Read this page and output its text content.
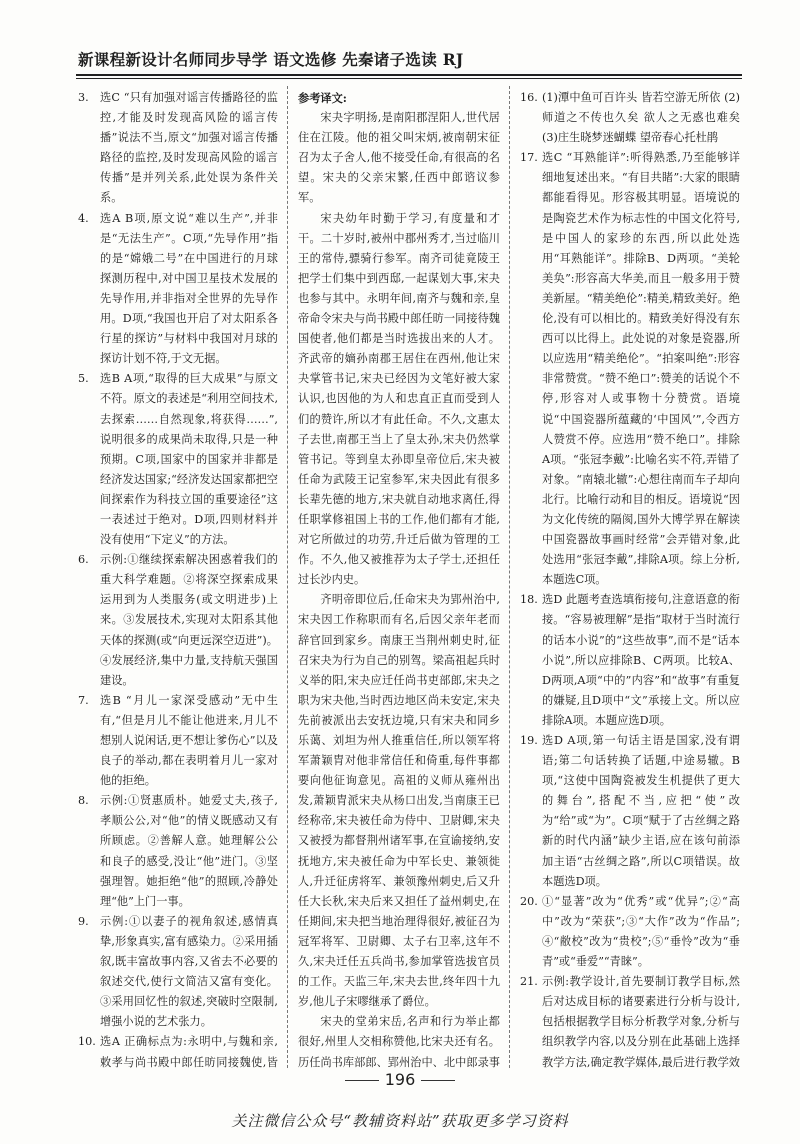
新课程新设计名师同步导学 语文选修 先秦诸子选读 RJ
3.	选C “只有加强对谣言传播路径的监控,才能及时发现高风险的谣言传播”说法不当,原文“加强对谣言传播路径的监控,及时发现高风险的谣言传播”是并列关系,此处误为条件关系。
4.	选A B项,原文说“难以生产”,并非是“无法生产”。C项,“先导作用”指的是“嫦娥二号”在中国进行的月球探测历程中,对中国卫星技术发展的先导作用,并非指对全世界的先导作用。D项,“我国也开启了对太阳系各行星的探访”与材料中我国对月球的探访计划不符,于文无据。
5.	选B A项,“取得的巨大成果”与原文不符。原文的表述是“利用空间技术,去探索……自然现象,将获得……”,说明很多的成果尚未取得,只是一种预期。C项,国家中的国家并非都是经济发达国家;“经济发达国家都把空间探索作为科技立国的重要途径”这一表述过于绝对。D项,四则材料并没有使用“下定义”的方法。
6.	示例:①继续探索解决困惑着我们的重大科学难题。②将深空探索成果运用到为人类服务(或文明进步)上来。③发展技术,实现对太阳系其他天体的探测(或“向更远深空迈进”)。④发展经济,集中力量,支持航天强国建设。
7.	选B “月儿一家深受感动”无中生有,“但是月儿不能让他进来,月儿不想别人说闲话,更不想让爹伤心”以及良子的举动,都在表明着月儿一家对他的拒绝。
8.	示例:①贤惠质朴。她爱丈夫,孩子,孝顺公公,对“他”的情义既感动又有所顾虑。②善解人意。她理解公公和良子的感受,没让“他”进门。③坚强理智。她拒绝“他”的照顾,冷静处理“他”上门一事。
9.	示例:①以妻子的视角叙述,感情真挚,形象真实,富有感染力。②采用插叙,既丰富故事内容,又省去不必要的叙述交代,使行文简洁又富有变化。③采用回忆性的叙述,突破时空限制,增强小说的艺术张力。
10. 选A 正确标点为:永明中,与魏和亲,敕孝与尚书殿中郎任昉同接魏使,皆
参考译文:

宋夬字明扬,是南阳郡涅阳人,世代居住在江陵。他的祖父叫宋炳,被南朝宋征召为太子舍人,他不接受任命,有很高的名望。宋夬的父亲宋繁,任西中郎谘议参军。

宋夬幼年时勤于学习,有度量和才干。二十岁时,被州中郡州秀才,当过临川王的常侍,骠骑行参军。南齐司徒竟陵王把学士们集中到西邸,一起谋划大事,宋夬也参与其中。永明年间,南齐与魏和亲,皇帝命令宋夬与尚书殿中郎任昉一同接待魏国使者,他们都是当时选拔出来的人才。齐武帝的嫡孙南郡王居住在西州,他让宋夬掌管书记,宋夬已经因为文笔好被大家认识,也因他的为人和忠直正直而受到人们的赞许,所以才有此任命。不久,文惠太子去世,南郡王当上了皇太孙,宋夬仍然掌管书记。等到皇太孙即皇帝位后,宋夬被任命为武陵王记室参军,宋夬因此有很多长辈先德的地方,宋夬就自动地求离任,得任职掌修祖国上书的工作,他们都有才能,对它所做过的功劳,升迁后做为管理的工作。不久,他又被推荐为太子学士,还担任过长沙内史。

齐明帝即位后,任命宋夬为郢州治中,宋夬因工作称职而有名,后因父亲年老而辞官回到家乡。南康王当荆州刺史时,征召宋夬为行为自己的别驾。梁高祖起兵时义举的阳,宋夬应迁任尚书吏部郎,宋夬之职为宋夬他,当时西边地区尚未安定,宋夬先前被派出去安抚边境,只有宋夬和同乡乐蔼、刘坦为州人推重信任,所以领军将军萧颖胄对他非常信任和倚重,每件事都要向他征询意见。高祖的义师从雍州出发,萧颖胄派宋夬从杨口出发,当南康王已经称帝,宋夬被任命为侍中、卫尉卿,宋夬又被授为都督荆州诸军事,在宣谕接纳,安抚地方,宋夬被任命为中军长史、兼领徙人,升迁征虏将军、兼领豫州刺史,后又升任大长秋,宋夬后来又担任了益州刺史,在任期间,宋夬把当地治理得很好,被征召为冠军将军、卫尉卿、太子右卫率,这年不久,宋夬迁任五兵尚书,参加掌管选拔官员的工作。天监三年,宋夬去世,终年四十九岁,他儿子宋嘐继承了爵位。

宋夬的堂弟宋岳,名声和行为举止都很好,州里人交相称赞他,比宋夬还有名。历任尚书库部郎、郢州治中、北中郎录事

16. (1)潭中鱼可百许头 皆若空游无所依 (2)师道之不传也久矣 欲人之无惑也难矣 (3)庄生晓梦迷蝴蝶 望帝春心托杜鹃
17. 选C “耳熟能详”:听得熟悉,乃至能够详细地复述出来。“有目共睹”:大家的眼睛都能看得见。形容极其明显。语境说的是陶瓷艺术作为标志性的中国文化符号,是中国人的家珍的东西,所以此处选用“耳熟能详”。排除B、D两项。“美轮美奂”:形容高大华美,而且一般多用于赞美新屋。“精美绝伦”:精美,精致美好。绝伦,没有可以相比的。精致美好得没有东西可以比得上。此处说的对象是瓷器,所以应选用“精美绝伦”。“拍案叫绝”:形容非常赞赏。“赞不绝口”:赞美的话说个不停,形容对人或事物十分赞赏。语境说“中国瓷器所蕴藏的‘中国风’”,令西方人赞赏不停。应选用“赞不绝口”。排除A项。“张冠李戴”:比喻名实不符,弄错了对象。“南辕北辙”:心想往南而车子却向北行。比喻行动和目的相反。语境说“因为文化传统的隔阂,国外大博学界在解读中国瓷器故事画时经常”会弄错对象,此处选用“张冠李戴”,排除A项。综上分析,本题选C项。
18. 选D 此题考查选填衔接句,注意语意的衔接。“容易被理解”是指“取材于当时流行的话本小说”的“这些故事”,而不是“话本小说”,所以应排除B、C两项。比较A、D两项,A项“中的”内容”和“故事”有重复的嫌疑,且D项中“文”承接上文。所以应排除A项。本题应选D项。
19. 选D A项,第一句话主语是国家,没有谓语;第二句话转换了话题,中途易辙。B项,“这使中国陶瓷被发生机提供了更大的舞台”,搭配不当,应把“使”改为“给”或“为”。C项“赋于了古丝绸之路新的时代内涵”缺少主语,应在该句前添加主语“古丝绸之路”,所以C项错误。故本题选D项。
20. ①“显著”改为“优秀”或“优异”;②“高中”改为“荣获”;③“大作”改为“作品”;④“敝校”改为“贵校”;⑤“垂怜”改为“垂青”或“垂爱”“青睐”。
21. 示例:教学设计,首先要制订教学目标,然后对达成目标的诸要素进行分析与设计,包括根据教学目标分析教学对象,分析与组织教学内容,以及分别在此基础上选择教学方法,确定教学媒体,最后进行教学效
196
关注微信公众号“教辅资料站”获取更多学习资料
